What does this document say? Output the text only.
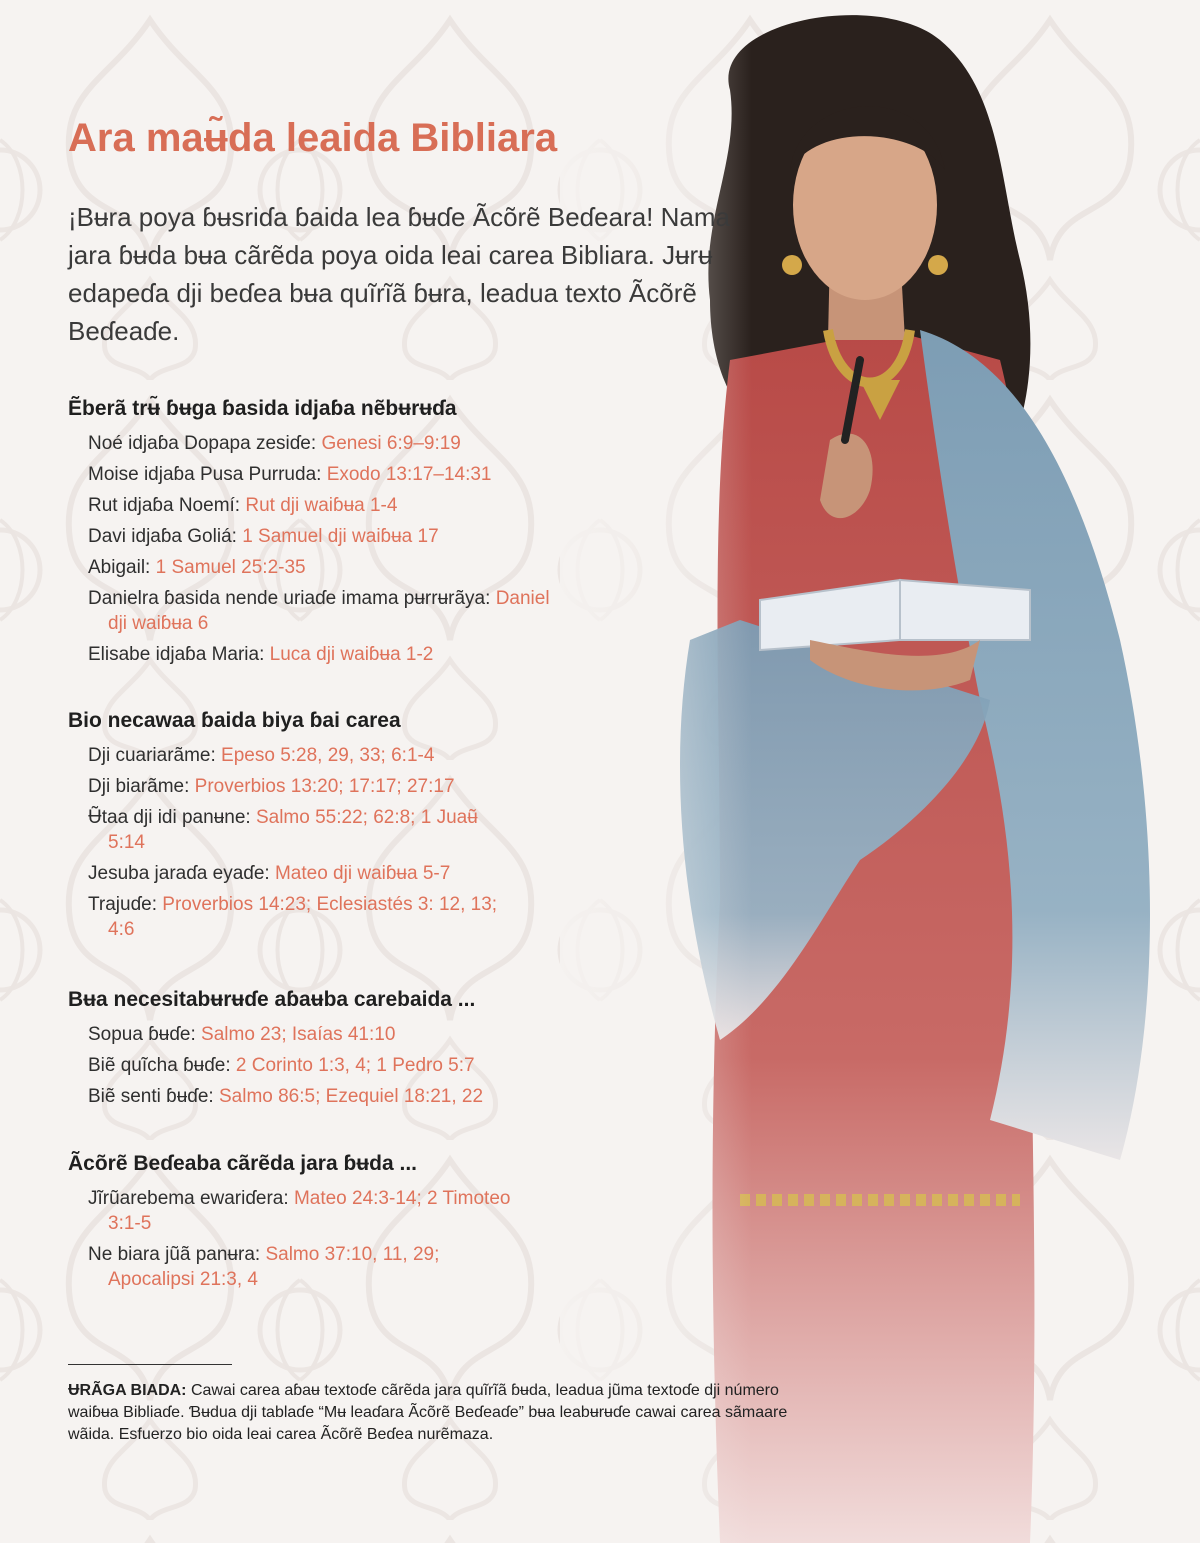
Ara maʉ̃da leaida Bibliara

¡Bʉra poya ɓʉsriɗa ɓaida lea ɓʉɗe Ãcõrẽ Beɗeara! Nama jara ɓʉda bʉa cãrẽda poya oida leai carea Bibliara. Jʉrʉ edapeɗa dji beɗea bʉa quĩrĩã ɓʉra, leadua texto Ãcõrẽ Beɗeaɗe.

Ẽberã trʉ̃ ɓʉga ɓasida idjaɓa nẽbʉrʉɗa
Noé idjaɓa Dopapa zesiɗe: Genesi 6:9–9:19
Moise idjaɓa Pusa Purruda: Exodo 13:17–14:31
Rut idjaɓa Noemí: Rut dji waiɓʉa 1-4
Davi idjaɓa Goliá: 1 Samuel dji waiɓʉa 17
Abigail: 1 Samuel 25:2-35
Danielra ɓasida nende uriaɗe imama pʉrrʉrãya: Daniel dji waiɓʉa 6
Elisabe idjaɓa Maria: Luca dji waiɓʉa 1-2
Bio necawaa ɓaida biya ɓai carea
Dji cuariarãme: Epeso 5:28, 29, 33; 6:1-4
Dji biarãme: Proverbios 13:20; 17:17; 27:17
Ʉ̃taa dji idi panʉne: Salmo 55:22; 62:8; 1 Juaʉ̃ 5:14
Jesuba jaraɗa eyaɗe: Mateo dji waiɓʉa 5-7
Trajuɗe: Proverbios 14:23; Eclesiastés 3: 12, 13; 4:6
Bʉa necesitabʉrʉɗe aɓaʉba carebaida ...
Sopua ɓʉɗe: Salmo 23; Isaías 41:10
Biẽ quĩcha ɓʉɗe: 2 Corinto 1:3, 4; 1 Pedro 5:7
Biẽ senti ɓʉɗe: Salmo 86:5; Ezequiel 18:21, 22
Ãcõrẽ Beɗeaba cãrẽda jara ɓʉda ...
Jĩrũarebema ewariɗera: Mateo 24:3-14; 2 Timoteo 3:1-5
Ne biara jũã panʉra: Salmo 37:10, 11, 29; Apocalipsi 21:3, 4

ɄRÃGA BIADA: Cawai carea aɓaʉ textoɗe cãrẽda jara quĩrĩã ɓʉda, leadua jũma textoɗe dji número waiɓʉa Bibliaɗe. Ɓʉdua dji tablaɗe “Mʉ leaɗara Ãcõrẽ Beɗeaɗe” bʉa leabʉrʉɗe cawai carea sãmaare wãida. Esfuerzo bio oida leai carea Ãcõrẽ Beɗea nurẽmaza.
